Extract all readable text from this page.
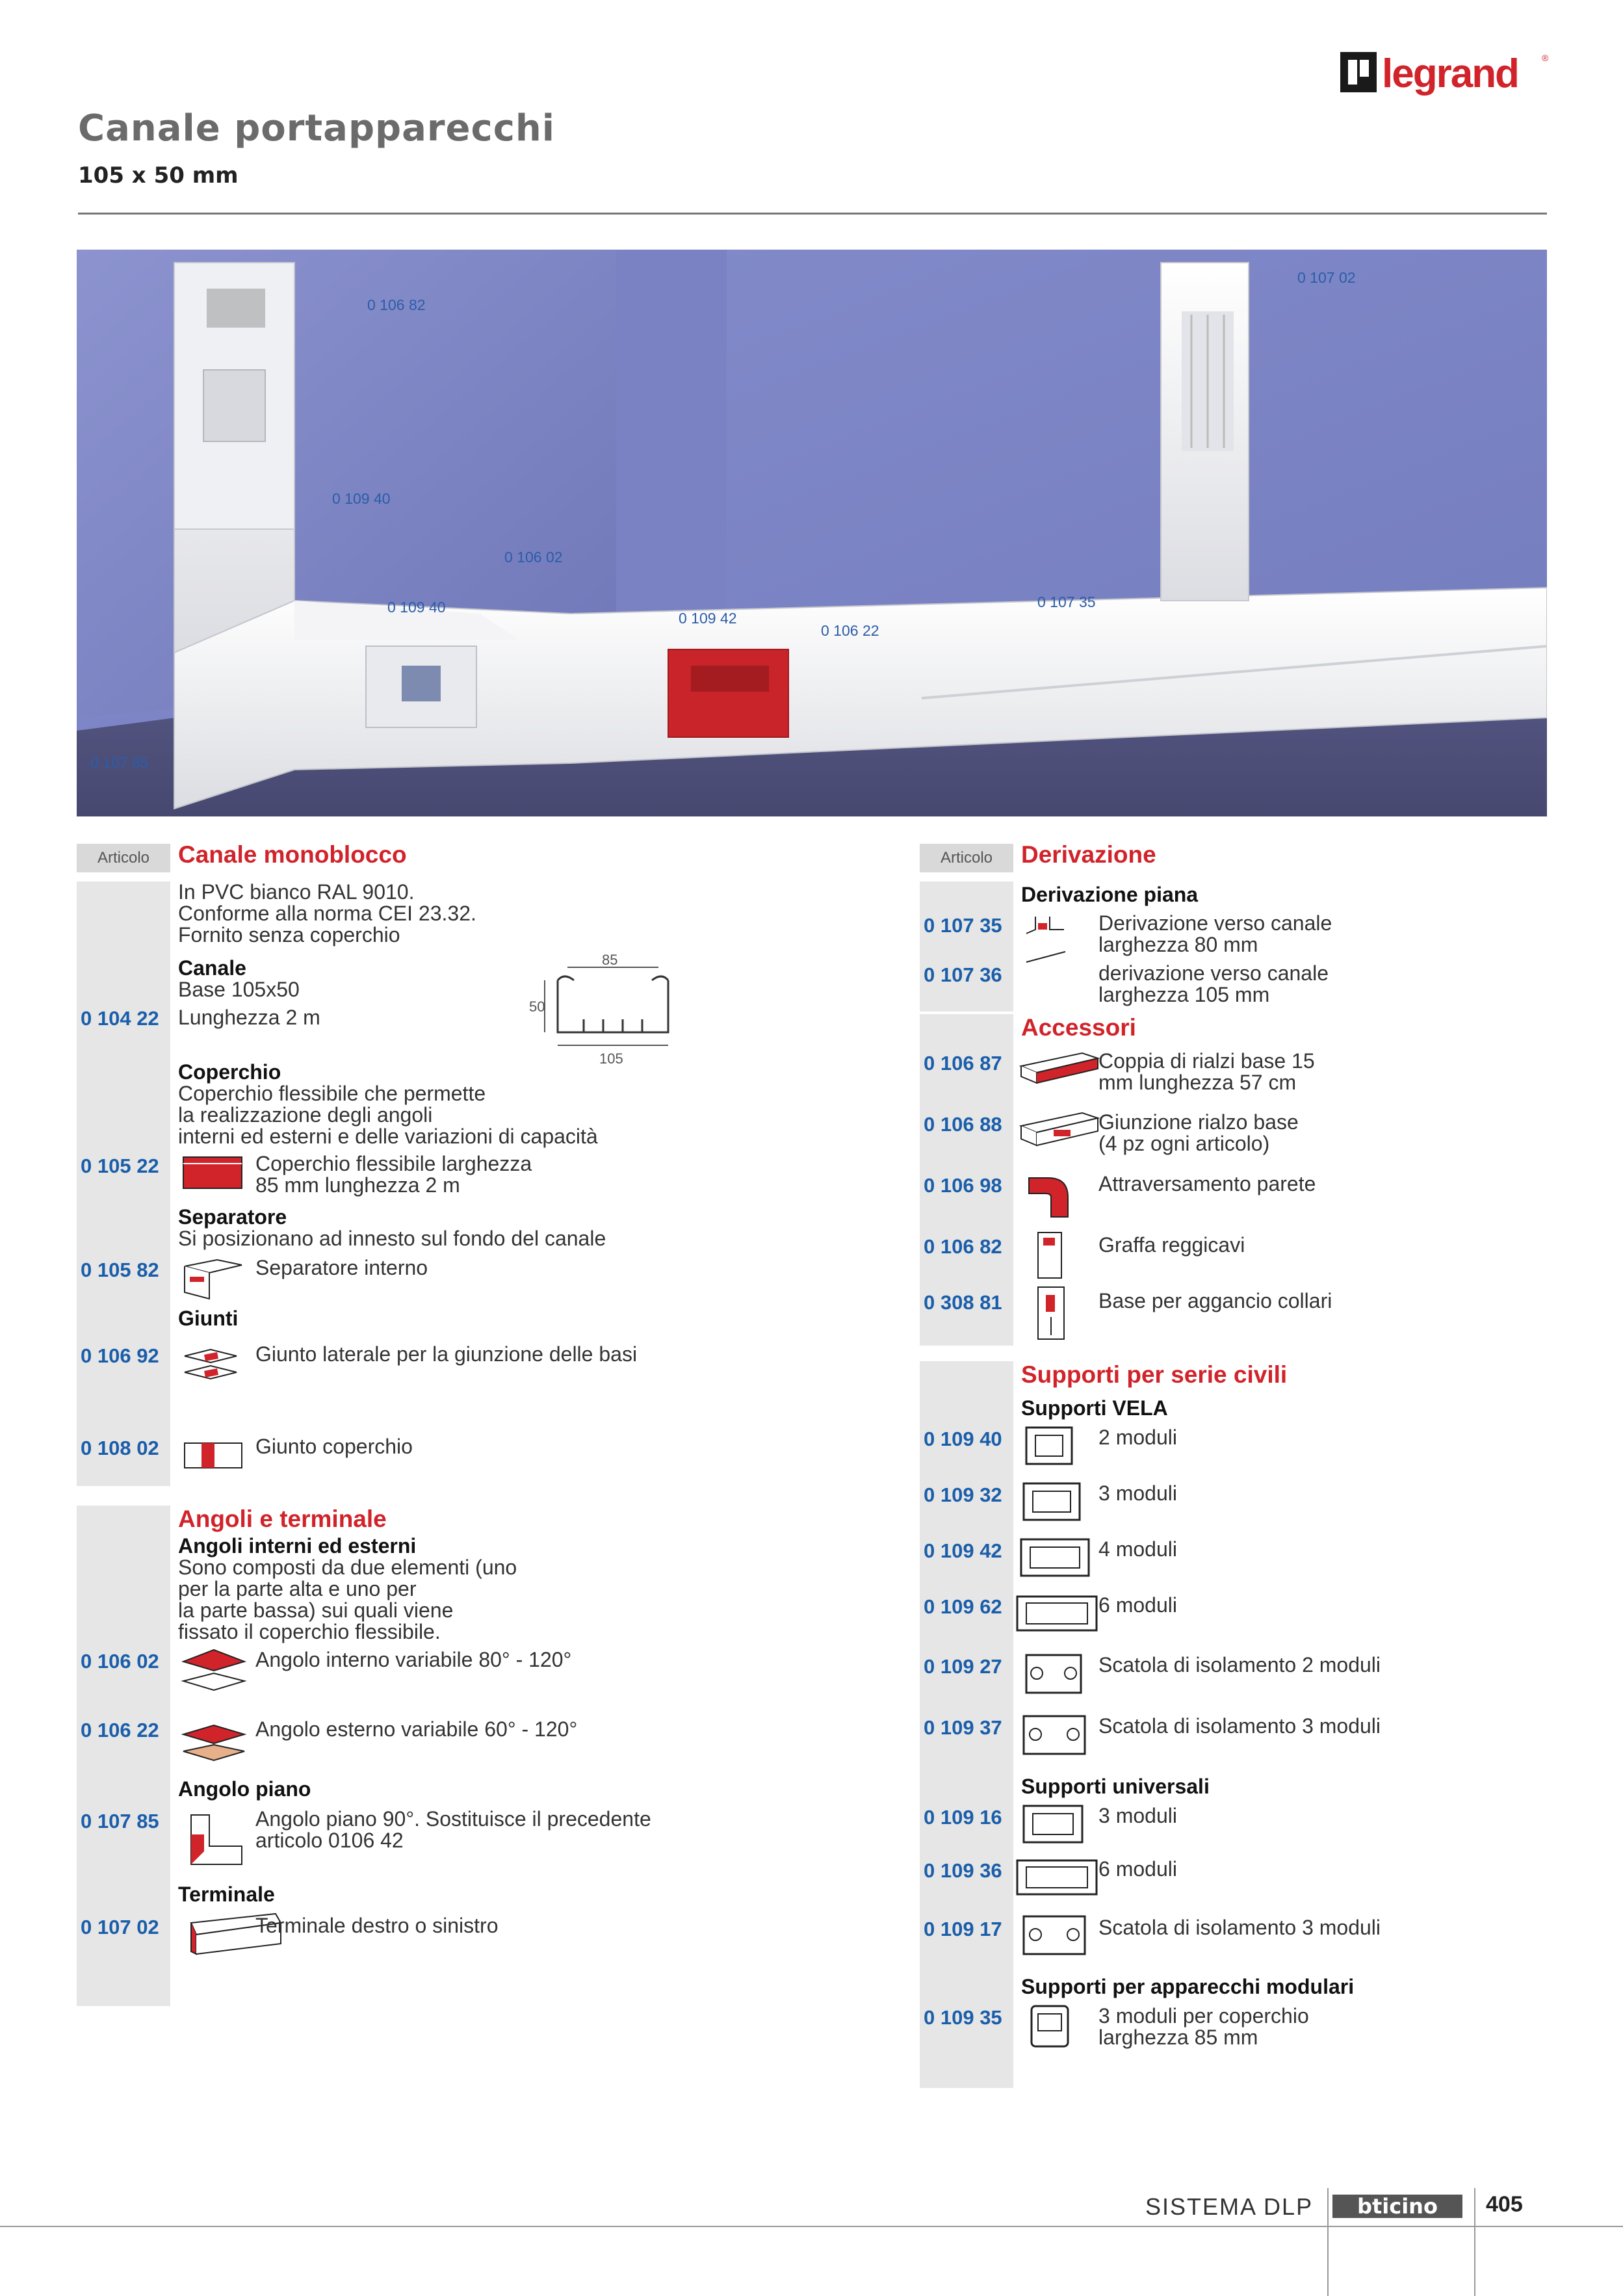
legrand	®
Canale portapparecchi
105 x 50 mm
0 106 82
0 109 40
0 106 02
0 109 40
0 109 42
0 106 22
0 107 35
0 107 02
0 107 85
Articolo	Canale monoblocco
In PVC bianco RAL 9010.
Conforme alla norma CEI 23.32.
Fornito senza coperchio
Canale
Base 105x50
0 104 22 Lunghezza 2 m
85
50
105
Coperchio
Coperchio flessibile che permette
la realizzazione degli angoli
interni ed esterni e delle variazioni di capacità
0 105 22	Coperchio flessibile larghezza
85 mm lunghezza 2 m
Separatore
Si posizionano ad innesto sul fondo del canale
0 105 82	Separatore interno
Giunti
0 106 92	Giunto laterale per la giunzione delle basi
0 108 02	Giunto coperchio
Angoli e terminale
Angoli interni ed esterni
Sono composti da due elementi (uno
per la parte alta e uno per
la parte bassa) sui quali viene
fissato il coperchio flessibile.
0 106 02	Angolo interno variabile 80° - 120°
0 106 22	Angolo esterno variabile 60° - 120°
Angolo piano
0 107 85	Angolo piano 90°. Sostituisce il precedente
articolo 0106 42
Terminale
0 107 02	Terminale destro o sinistro
Articolo	Derivazione
Derivazione piana
0 107 35	Derivazione verso canale
larghezza 80 mm
0 107 36	derivazione verso canale
larghezza 105 mm
Accessori
0 106 87	Coppia di rialzi base 15
mm lunghezza 57 cm
0 106 88	Giunzione rialzo base
(4 pz ogni articolo)
0 106 98	Attraversamento parete
0 106 82	Graffa reggicavi
0 308 81	Base per aggancio collari
Supporti per serie civili
Supporti VELA
0 109 40	2 moduli
0 109 32	3 moduli
0 109 42	4 moduli
0 109 62	6 moduli
0 109 27	Scatola di isolamento 2 moduli
0 109 37	Scatola di isolamento 3 moduli
Supporti universali
0 109 16	3 moduli
0 109 36	6 moduli
0 109 17	Scatola di isolamento 3 moduli
Supporti per apparecchi modulari
0 109 35	3 moduli per coperchio
larghezza 85 mm
SISTEMA DLP bticino 405
